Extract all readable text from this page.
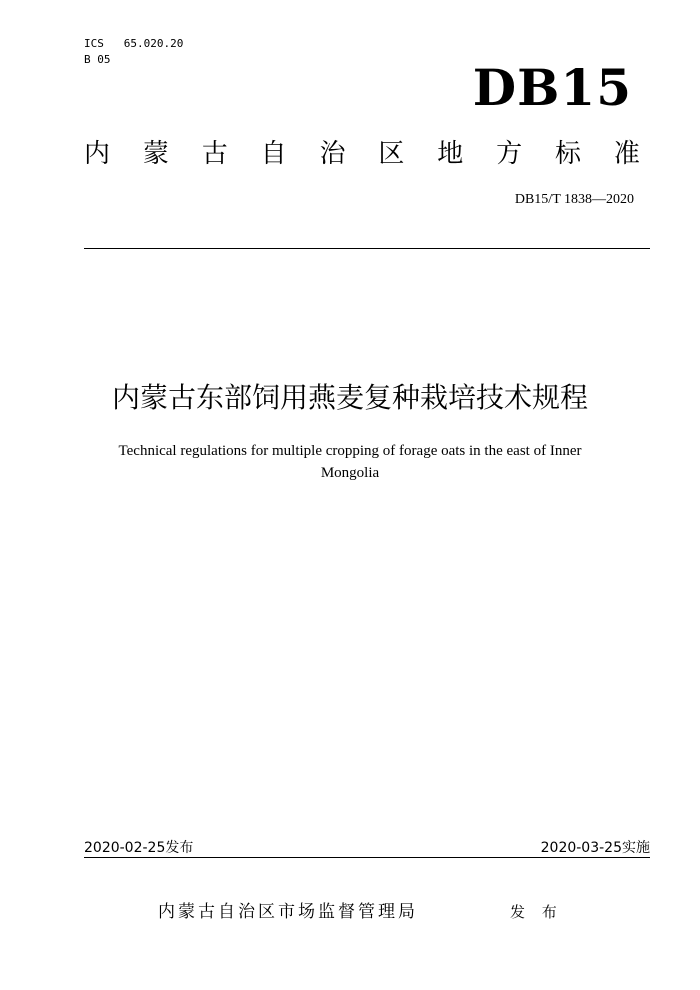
ICS   65.020.20
B 05	DB15
内 蒙 古 自 治 区 地 方 标 准
DB15/T 1838—2020
内蒙古东部饲用燕麦复种栽培技术规程
Technical regulations for multiple cropping of forage oats in the east of Inner Mongolia
2020-02-25发布	2020-03-25实施
内蒙古自治区市场监督管理局	发 布
